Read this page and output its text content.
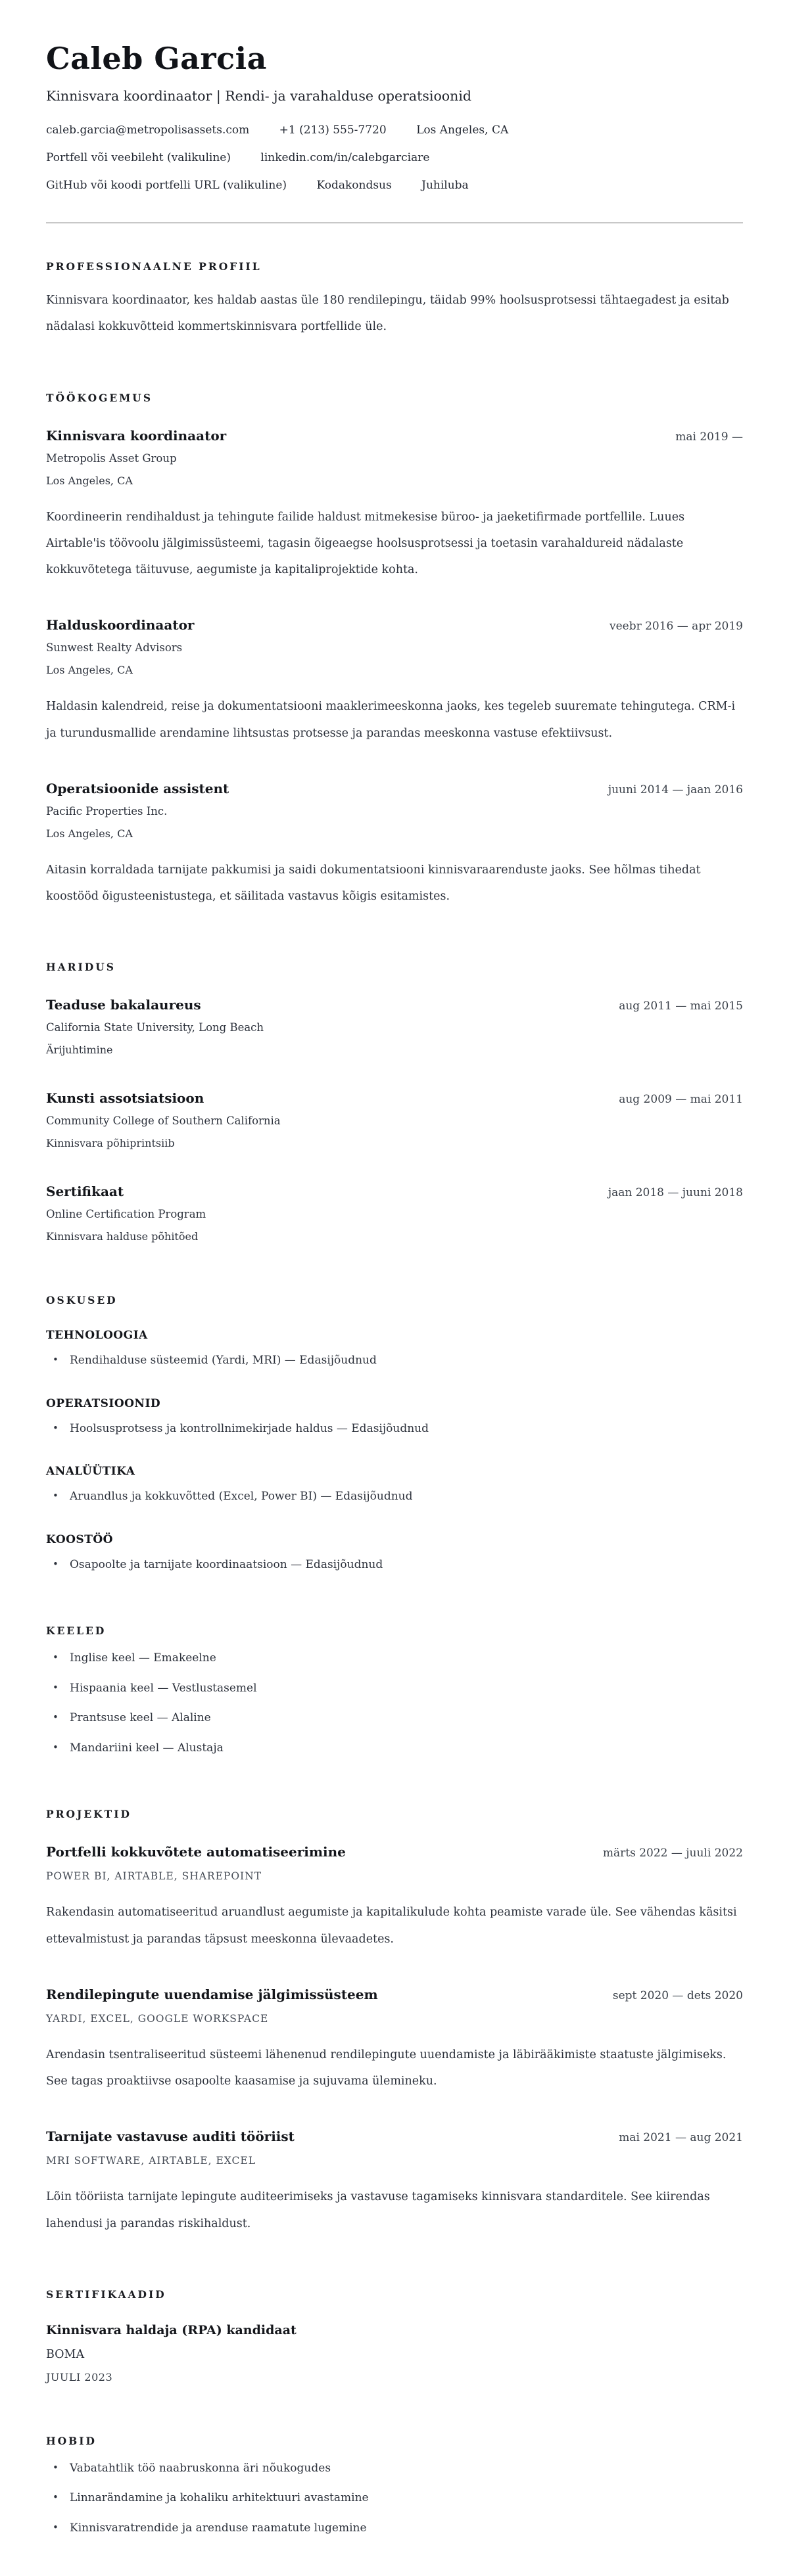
Caleb Garcia
Kinnisvara koordinaator | Rendi- ja varahalduse operatsioonid
caleb.garcia@metropolisassets.com	+1 (213) 555-7720	Los Angeles, CA
Portfell või veebileht (valikuline)	linkedin.com/in/calebgarciare
GitHub või koodi portfelli URL (valikuline)	Kodakondsus	Juhiluba
PROFESSIONAALNE PROFIIL

Kinnisvara koordinaator, kes haldab aastas üle 180 rendilepingu, täidab 99% hoolsusprotsessi tähtaegadest ja esitab nädalasi kokkuvõtteid kommertskinnisvara portfellide üle.

TÖÖKOGEMUS
Kinnisvara koordinaator	mai 2019 —
Metropolis Asset Group
Los Angeles, CA

Koordineerin rendihaldust ja tehingute failide haldust mitmekesise büroo- ja jaeketifirmade portfellile. Luues Airtable'is töövoolu jälgimissüsteemi, tagasin õigeaegse hoolsusprotsessi ja toetasin varahaldureid nädalaste kokkuvõtetega täituvuse, aegumiste ja kapitaliprojektide kohta.

Halduskoordinaator	veebr 2016 — apr 2019
Sunwest Realty Advisors
Los Angeles, CA

Haldasin kalendreid, reise ja dokumentatsiooni maaklerimeeskonna jaoks, kes tegeleb suuremate tehingutega. CRM-i ja turundusmallide arendamine lihtsustas protsesse ja parandas meeskonna vastuse efektiivsust.

Operatsioonide assistent	juuni 2014 — jaan 2016
Pacific Properties Inc.
Los Angeles, CA

Aitasin korraldada tarnijate pakkumisi ja saidi dokumentatsiooni kinnisvaraarenduste jaoks. See hõlmas tihedat koostööd õigusteenistustega, et säilitada vastavus kõigis esitamistes.

HARIDUS
Teaduse bakalaureus	aug 2011 — mai 2015
California State University, Long Beach
Ärijuhtimine
Kunsti assotsiatsioon	aug 2009 — mai 2011
Community College of Southern California
Kinnisvara põhiprintsiib
Sertifikaat	jaan 2018 — juuni 2018
Online Certification Program
Kinnisvara halduse põhitõed
OSKUSED
TEHNOLOOGIA
• Rendihalduse süsteemid (Yardi, MRI) — Edasijõudnud
OPERATSIOONID
• Hoolsusprotsess ja kontrollnimekirjade haldus — Edasijõudnud
ANALÜÜTIKA
• Aruandlus ja kokkuvõtted (Excel, Power BI) — Edasijõudnud
KOOSTÖÖ
• Osapoolte ja tarnijate koordinaatsioon — Edasijõudnud
KEELED
• Inglise keel — Emakeelne
• Hispaania keel — Vestlustasemel
• Prantsuse keel — Alaline
• Mandariini keel — Alustaja
PROJEKTID
Portfelli kokkuvõtete automatiseerimine	märts 2022 — juuli 2022
POWER BI, AIRTABLE, SHAREPOINT

Rakendasin automatiseeritud aruandlust aegumiste ja kapitalikulude kohta peamiste varade üle. See vähendas käsitsi ettevalmistust ja parandas täpsust meeskonna ülevaadetes.

Rendilepingute uuendamise jälgimissüsteem	sept 2020 — dets 2020
YARDI, EXCEL, GOOGLE WORKSPACE

Arendasin tsentraliseeritud süsteemi lähenenud rendilepingute uuendamiste ja läbirääkimiste staatuste jälgimiseks. See tagas proaktiivse osapoolte kaasamise ja sujuvama ülemineku.

Tarnijate vastavuse auditi tööriist	mai 2021 — aug 2021
MRI SOFTWARE, AIRTABLE, EXCEL

Lõin tööriista tarnijate lepingute auditeerimiseks ja vastavuse tagamiseks kinnisvara standarditele. See kiirendas lahendusi ja parandas riskihaldust.

SERTIFIKAADID
Kinnisvara haldaja (RPA) kandidaat
BOMA
JUULI 2023
HOBID
• Vabatahtlik töö naabruskonna äri nõukogudes
• Linnarändamine ja kohaliku arhitektuuri avastamine
• Kinnisvaratrendide ja arenduse raamatute lugemine
